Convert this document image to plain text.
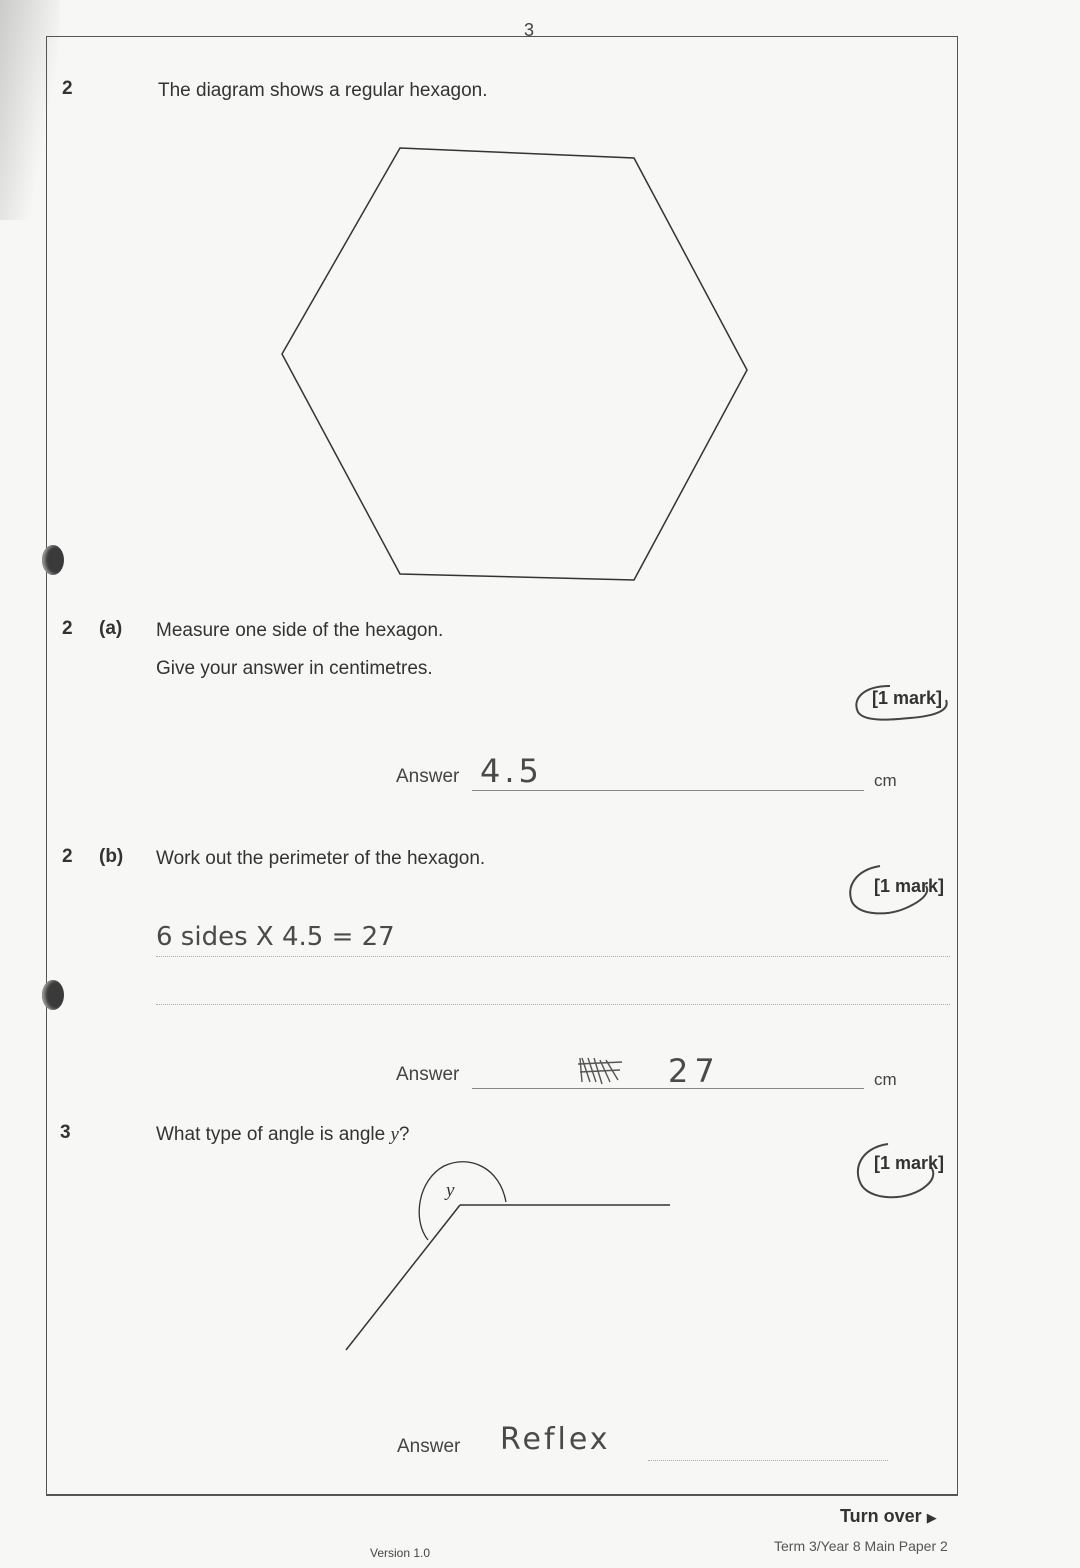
3
2	The diagram shows a regular hexagon.
2 (a) Measure one side of the hexagon.
Give your answer in centimetres.
[1 mark]
Answer 4.5	cm
2 (b) Work out the perimeter of the hexagon.
[1 mark]
6 sides X 4.5 = 27
Answer	27	cm
3	What type of angle is angle y?
[1 mark]
y
Answer Reflex
Turn over ▶
Term 3/Year 8 Main Paper 2
Version 1.0
